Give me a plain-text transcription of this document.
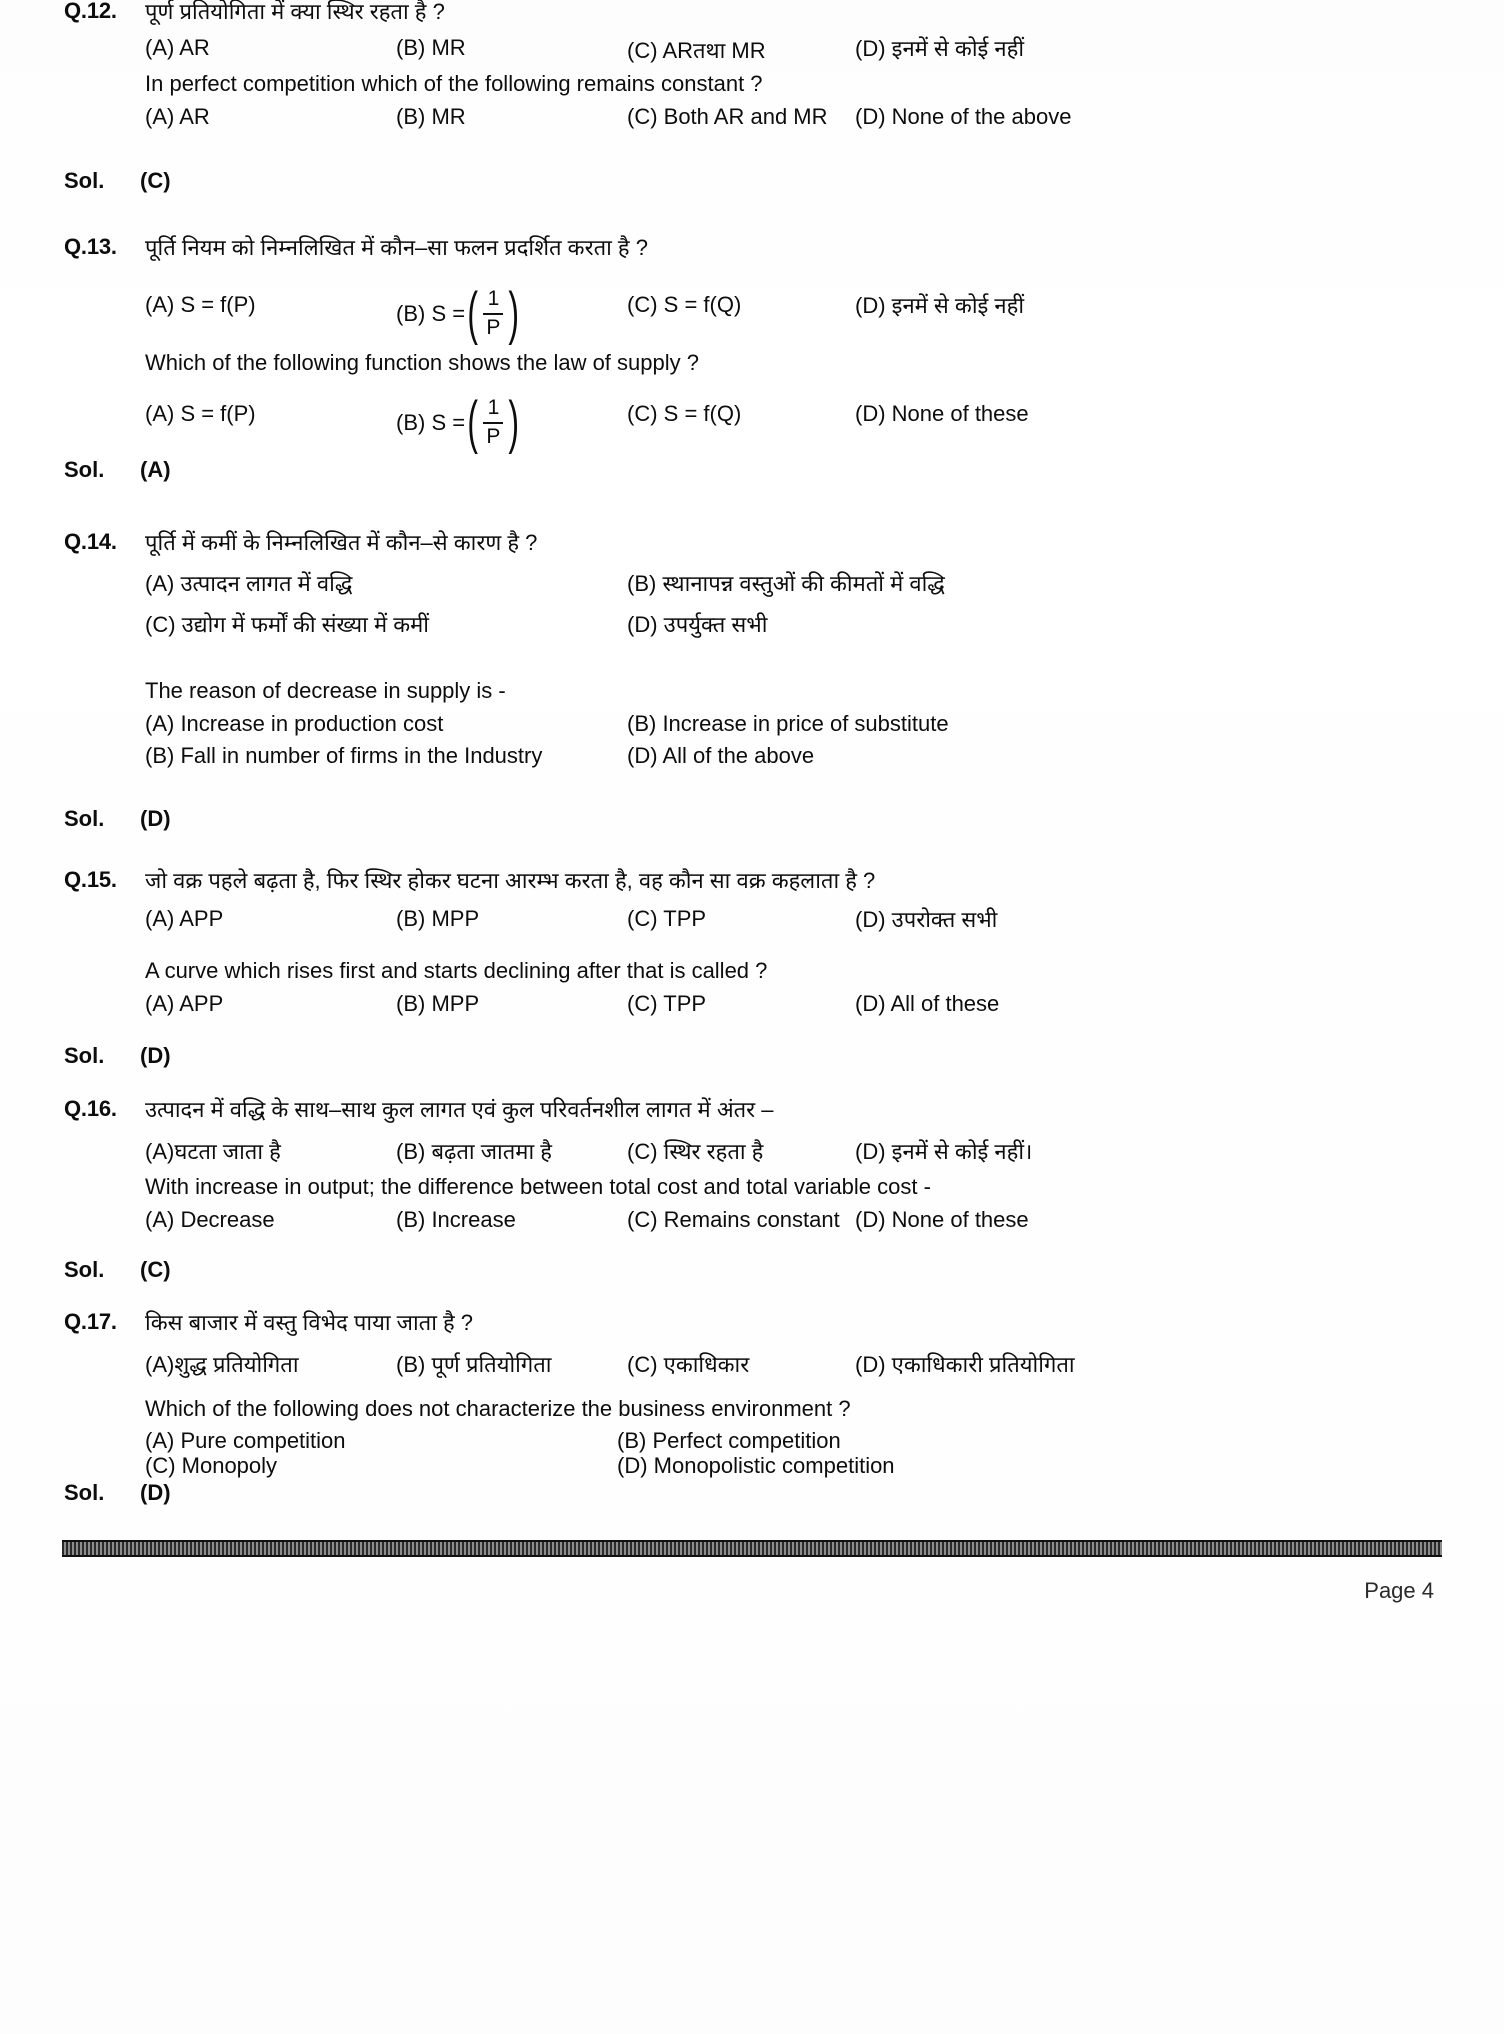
Q.12. पूर्ण प्रतियोगिता में क्या स्थिर रहता है ?
(A) AR	(B) MR	(C) ARतथा MR	(D) इनमें से कोई नहीं
In perfect competition which of the following remains constant ?
(A) AR	(B) MR	(C) Both AR and MR (D) None of the above
Sol. (C)
Q.13. पूर्ति नियम को निम्नलिखित में कौन–सा फलन प्रदर्शित करता है ?
(A) S = f(P)	(B) S = ( $\frac{1}{P}$ )	(C) S = f(Q)	(D) इनमें से कोई नहीं
Which of the following function shows the law of supply ?
(A) S = f(P)	(B) S = ( $\frac{1}{P}$ )	(C) S = f(Q)	(D) None of these
Sol. (A)
Q.14. पूर्ति में कमीं के निम्नलिखित में कौन–से कारण है ?
(A) उत्पादन लागत में वद्धि	(B) स्थानापन्न वस्तुओं की कीमतों में वद्धि
(C) उद्योग में फर्मों की संख्या में कमीं	(D) उपर्युक्त सभी
The reason of decrease in supply is -
(A) Increase in production cost	(B) Increase in price of substitute
(B) Fall in number of firms in the Industry	(D) All of the above
Sol. (D)
Q.15. जो वक्र पहले बढ़ता है, फिर स्थिर होकर घटना आरम्भ करता है, वह कौन सा वक्र कहलाता है ?
(A) APP	(B) MPP	(C) TPP	(D) उपरोक्त सभी
A curve which rises first and starts declining after that is called ?
(A) APP	(B) MPP	(C) TPP	(D) All of these
Sol. (D)
Q.16. उत्पादन में वद्धि के साथ–साथ कुल लागत एवं कुल परिवर्तनशील लागत में अंतर –
(A)घटता जाता है	(B) बढ़ता जातमा है	(C) स्थिर रहता है	(D) इनमें से कोई नहीं।
With increase in output; the difference between total cost and total variable cost -
(A) Decrease	(B) Increase	(C) Remains constant (D) None of these
Sol. (C)
Q.17. किस बाजार में वस्तु विभेद पाया जाता है ?
(A)शुद्ध प्रतियोगिता	(B) पूर्ण प्रतियोगिता	(C) एकाधिकार	(D) एकाधिकारी प्रतियोगिता
Which of the following does not characterize the business environment ?
(A) Pure competition	(B) Perfect competition
(C) Monopoly	(D) Monopolistic competition
Sol. (D)
Page 4
